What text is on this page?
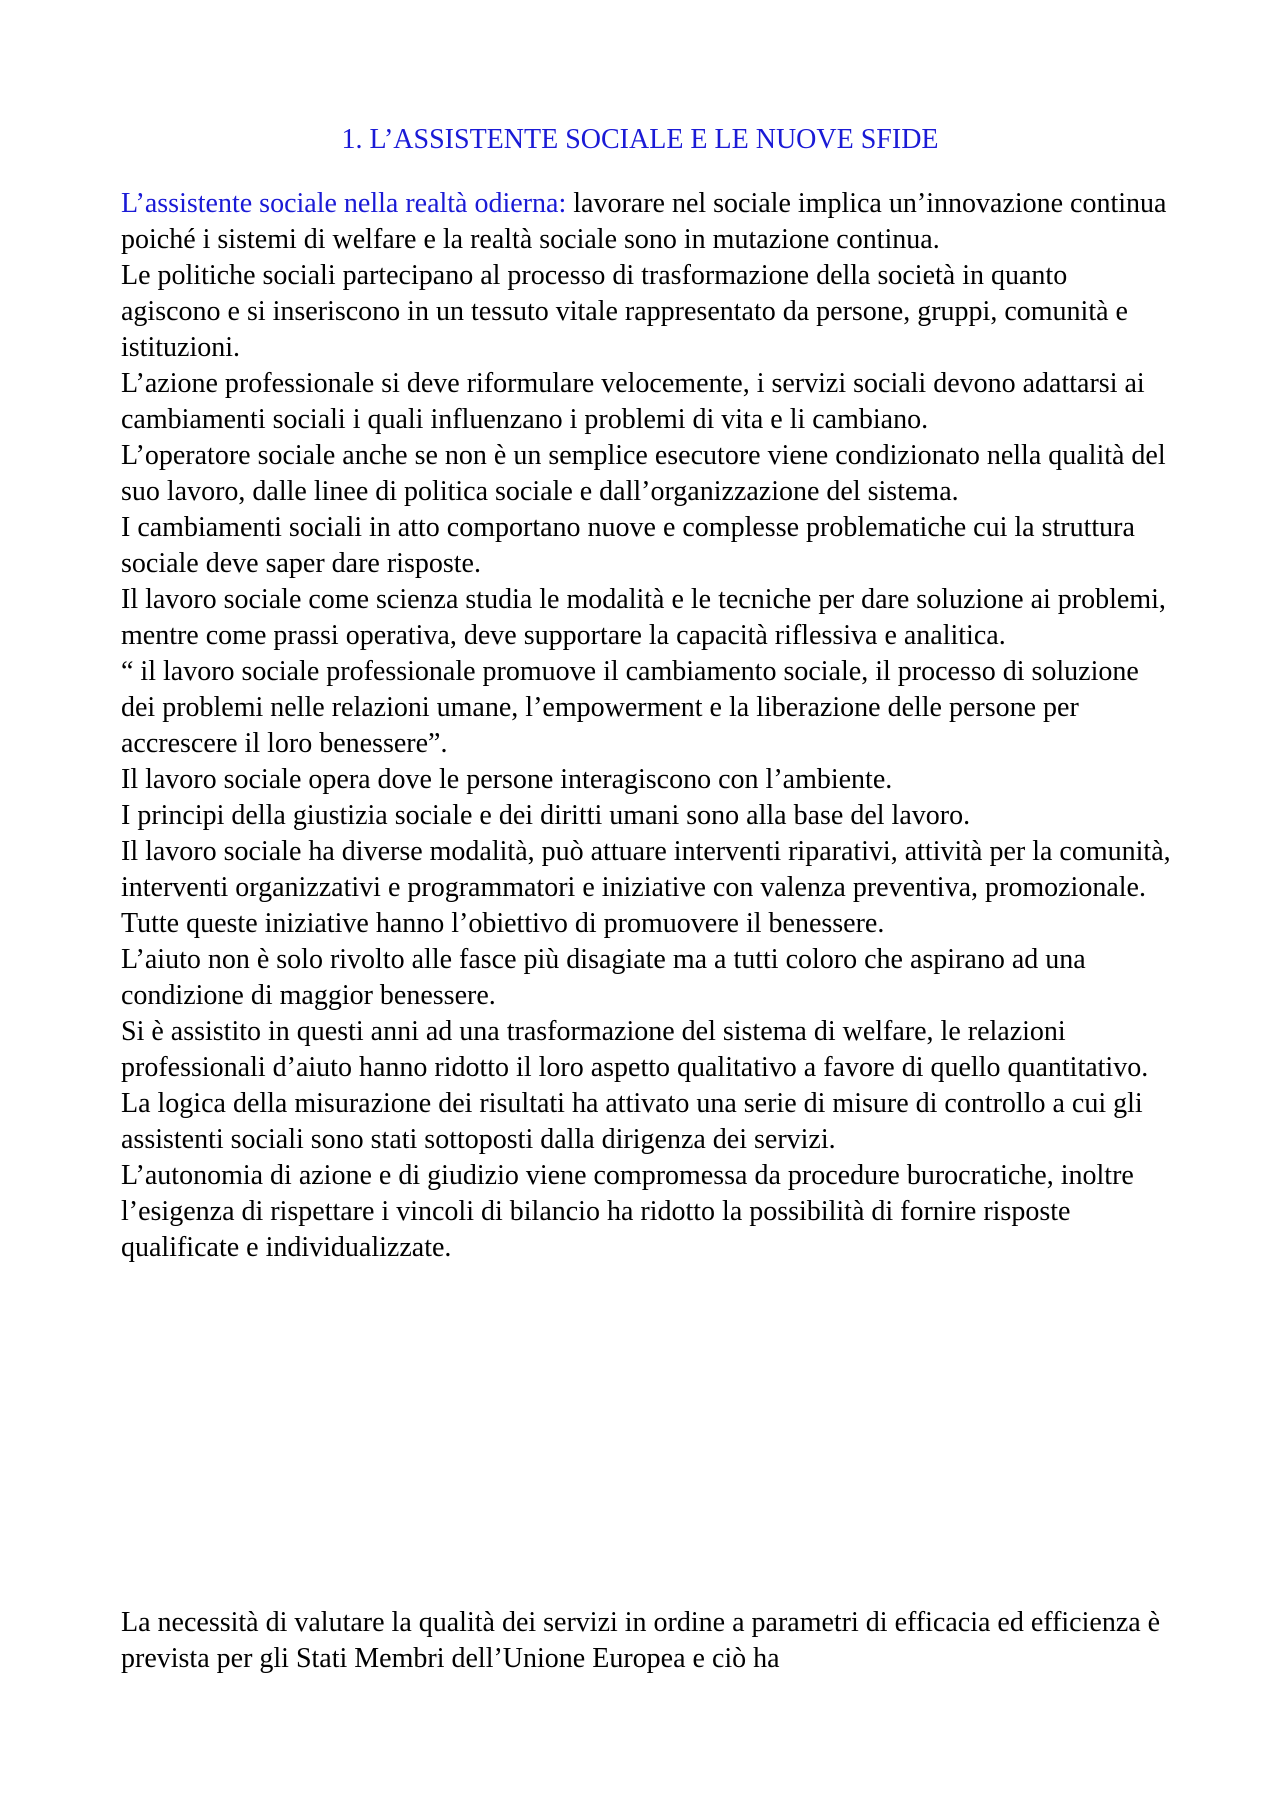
1. L’ASSISTENTE SOCIALE E LE NUOVE SFIDE

L’assistente sociale nella realtà odierna: lavorare nel sociale implica un’innovazione continua poiché i sistemi di welfare e la realtà sociale sono in mutazione continua.

Le politiche sociali partecipano al processo di trasformazione della società in quanto agiscono e si inseriscono in un tessuto vitale rappresentato da persone, gruppi, comunità e istituzioni.

L’azione professionale si deve riformulare velocemente, i servizi sociali devono adattarsi ai cambiamenti sociali i quali influenzano i problemi di vita e li cambiano.

L’operatore sociale anche se non è un semplice esecutore viene condizionato nella qualità del suo lavoro, dalle linee di politica sociale e dall’organizzazione del sistema.

I cambiamenti sociali in atto comportano nuove e complesse problematiche cui la struttura sociale deve saper dare risposte.

Il lavoro sociale come scienza studia le modalità e le tecniche per dare soluzione ai problemi, mentre come prassi operativa, deve supportare la capacità riflessiva e analitica.

“ il lavoro sociale professionale promuove il cambiamento sociale, il processo di soluzione dei problemi nelle relazioni umane, l’empowerment e la liberazione delle persone per accrescere il loro benessere”.

Il lavoro sociale opera dove le persone interagiscono con l’ambiente.

I principi della giustizia sociale e dei diritti umani sono alla base del lavoro.

Il lavoro sociale ha diverse modalità, può attuare interventi riparativi, attività per la comunità, interventi organizzativi e programmatori e iniziative con valenza preventiva, promozionale. Tutte queste iniziative hanno l’obiettivo di promuovere il benessere.

L’aiuto non è solo rivolto alle fasce più disagiate ma a tutti coloro che aspirano ad una condizione di maggior benessere.

Si è assistito in questi anni ad una trasformazione del sistema di welfare, le relazioni professionali d’aiuto hanno ridotto il loro aspetto qualitativo a favore di quello quantitativo.

La logica della misurazione dei risultati ha attivato una serie di misure di controllo a cui gli assistenti sociali sono stati sottoposti dalla dirigenza dei servizi.

L’autonomia di azione e di giudizio viene compromessa da procedure burocratiche, inoltre l’esigenza di rispettare i vincoli di bilancio ha ridotto la possibilità di fornire risposte qualificate e individualizzate.

La necessità di valutare la qualità dei servizi in ordine a parametri di efficacia ed efficienza è prevista per gli Stati Membri dell’Unione Europea e ciò ha
